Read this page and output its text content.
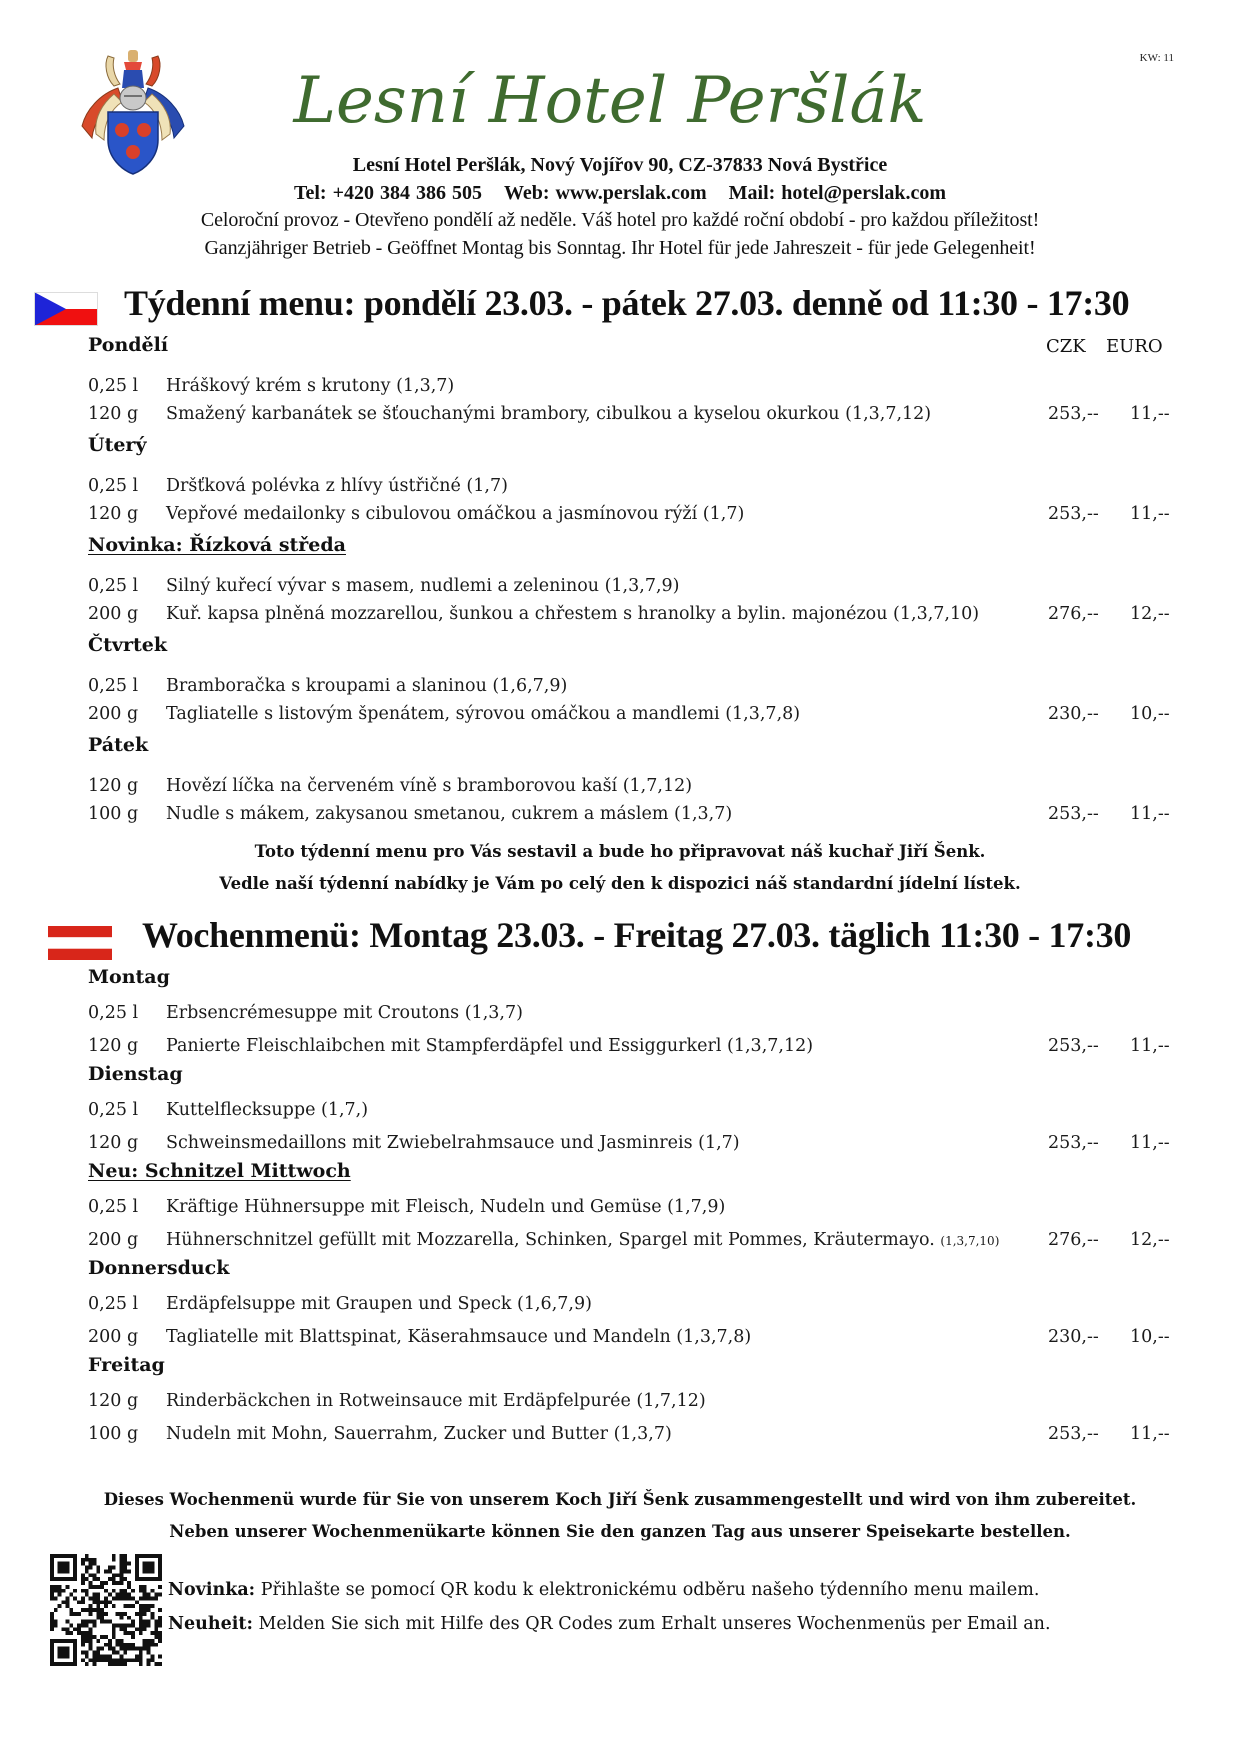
Lesní Hotel Peršlák
KW: 11
Lesní Hotel Peršlák, Nový Vojířov 90, CZ-37833 Nová Bystřice
Tel: +420 384 386 505 Web: www.perslak.com Mail: hotel@perslak.com
Celoroční provoz - Otevřeno pondělí až neděle. Váš hotel pro každé roční období - pro každou příležitost!
Ganzjähriger Betrieb - Geöffnet Montag bis Sonntag. Ihr Hotel für jede Jahreszeit - für jede Gelegenheit!
Týdenní menu: pondělí 23.03. - pátek 27.03. denně od 11:30 - 17:30
CZK EURO
Pondělí
0,25 l Hráškový krém s krutony (1,3,7)
120 g Smažený karbanátek se šťouchanými brambory, cibulkou a kyselou okurkou (1,3,7,12)	253,-- 11,--
Úterý
0,25 l Dršťková polévka z hlívy ústřičné (1,7)
120 g Vepřové medailonky s cibulovou omáčkou a jasmínovou rýží (1,7)	253,-- 11,--
Novinka: Řízková středa
0,25 l Silný kuřecí vývar s masem, nudlemi a zeleninou (1,3,7,9)
200 g Kuř. kapsa plněná mozzarellou, šunkou a chřestem s hranolky a bylin. majonézou (1,3,7,10)	276,-- 12,--
Čtvrtek
0,25 l Bramboračka s kroupami a slaninou (1,6,7,9)
200 g Tagliatelle s listovým špenátem, sýrovou omáčkou a mandlemi (1,3,7,8)	230,-- 10,--
Pátek
120 g Hovězí líčka na červeném víně s bramborovou kaší (1,7,12)
100 g Nudle s mákem, zakysanou smetanou, cukrem a máslem (1,3,7)	253,-- 11,--
Toto týdenní menu pro Vás sestavil a bude ho připravovat náš kuchař Jiří Šenk.
Vedle naší týdenní nabídky je Vám po celý den k dispozici náš standardní jídelní lístek.
Wochenmenü: Montag 23.03. - Freitag 27.03. täglich 11:30 - 17:30
Montag
0,25 l Erbsencrémesuppe mit Croutons (1,3,7)
120 g Panierte Fleischlaibchen mit Stampferdäpfel und Essiggurkerl (1,3,7,12)	253,-- 11,--
Dienstag
0,25 l Kuttelflecksuppe (1,7,)
120 g Schweinsmedaillons mit Zwiebelrahmsauce und Jasminreis (1,7)	253,-- 11,--
Neu: Schnitzel Mittwoch
0,25 l Kräftige Hühnersuppe mit Fleisch, Nudeln und Gemüse (1,7,9)
200 g Hühnerschnitzel gefüllt mit Mozzarella, Schinken, Spargel mit Pommes, Kräutermayo. (1,3,7,10)	276,-- 12,--
Donnersduck
0,25 l Erdäpfelsuppe mit Graupen und Speck (1,6,7,9)
200 g Tagliatelle mit Blattspinat, Käserahmsauce und Mandeln (1,3,7,8)	230,-- 10,--
Freitag
120 g Rinderbäckchen in Rotweinsauce mit Erdäpfelpurée (1,7,12)
100 g Nudeln mit Mohn, Sauerrahm, Zucker und Butter (1,3,7)	253,-- 11,--
Dieses Wochenmenü wurde für Sie von unserem Koch Jiří Šenk zusammengestellt und wird von ihm zubereitet.
Neben unserer Wochenmenükarte können Sie den ganzen Tag aus unserer Speisekarte bestellen.
Novinka: Přihlašte se pomocí QR kodu k elektronickému odběru našeho týdenního menu mailem.
Neuheit: Melden Sie sich mit Hilfe des QR Codes zum Erhalt unseres Wochenmenüs per Email an.
